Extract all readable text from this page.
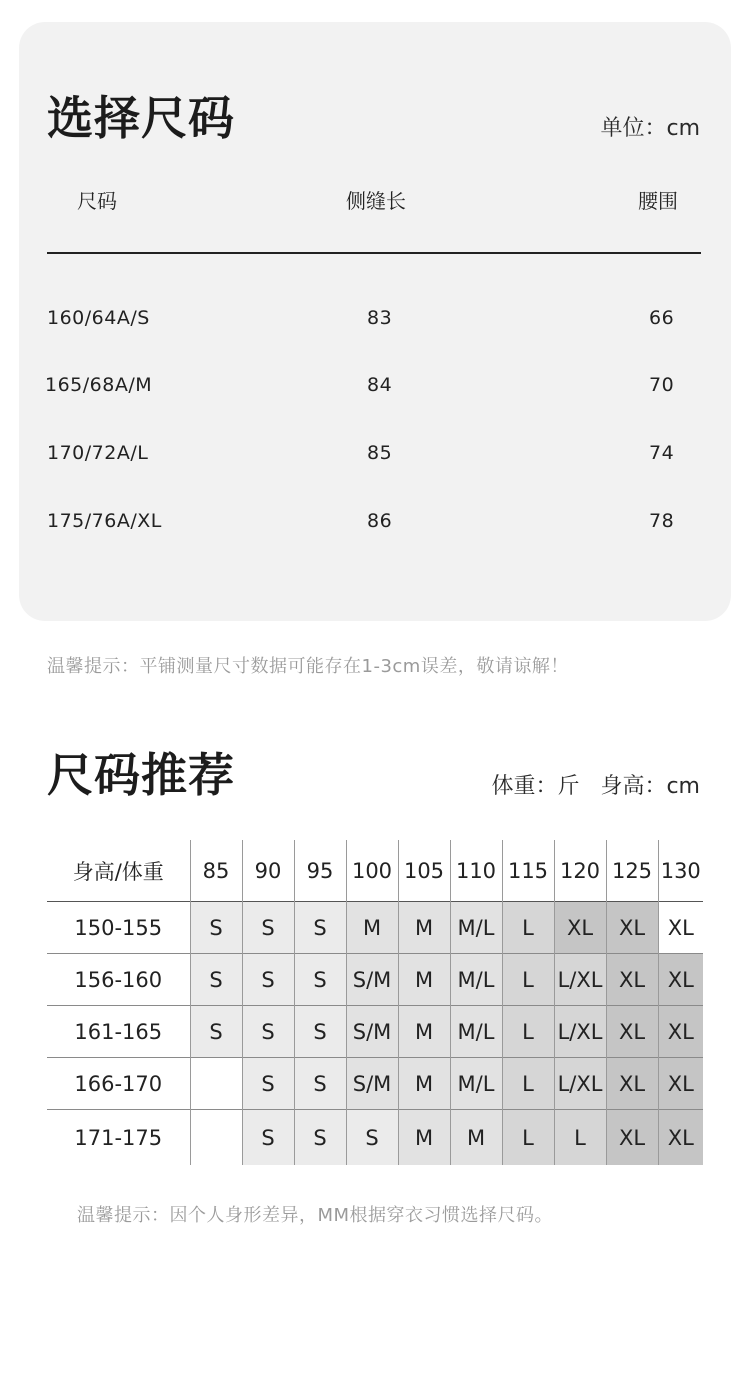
选择尺码	单位：cm
尺码	侧缝长	腰围
160/64A/S	83	66
165/68A/M	84	70
170/72A/L	85	74
175/76A/XL	86	78
温馨提示：平铺测量尺寸数据可能存在1-3cm误差，敬请谅解！
尺码推荐	体重：斤   身高：cm
身高/体重	85	90	95	100	105	110	115	120	125	130
150-155	S	S	S	M	M	M/L	L	XL	XL	XL
156-160	S	S	S	S/M	M	M/L	L	L/XL	XL	XL
161-165	S	S	S	S/M	M	M/L	L	L/XL	XL	XL
166-170		S	S	S/M	M	M/L	L	L/XL	XL	XL
171-175		S	S	S	M	M	L	L	XL	XL
温馨提示：因个人身形差异，MM根据穿衣习惯选择尺码。
